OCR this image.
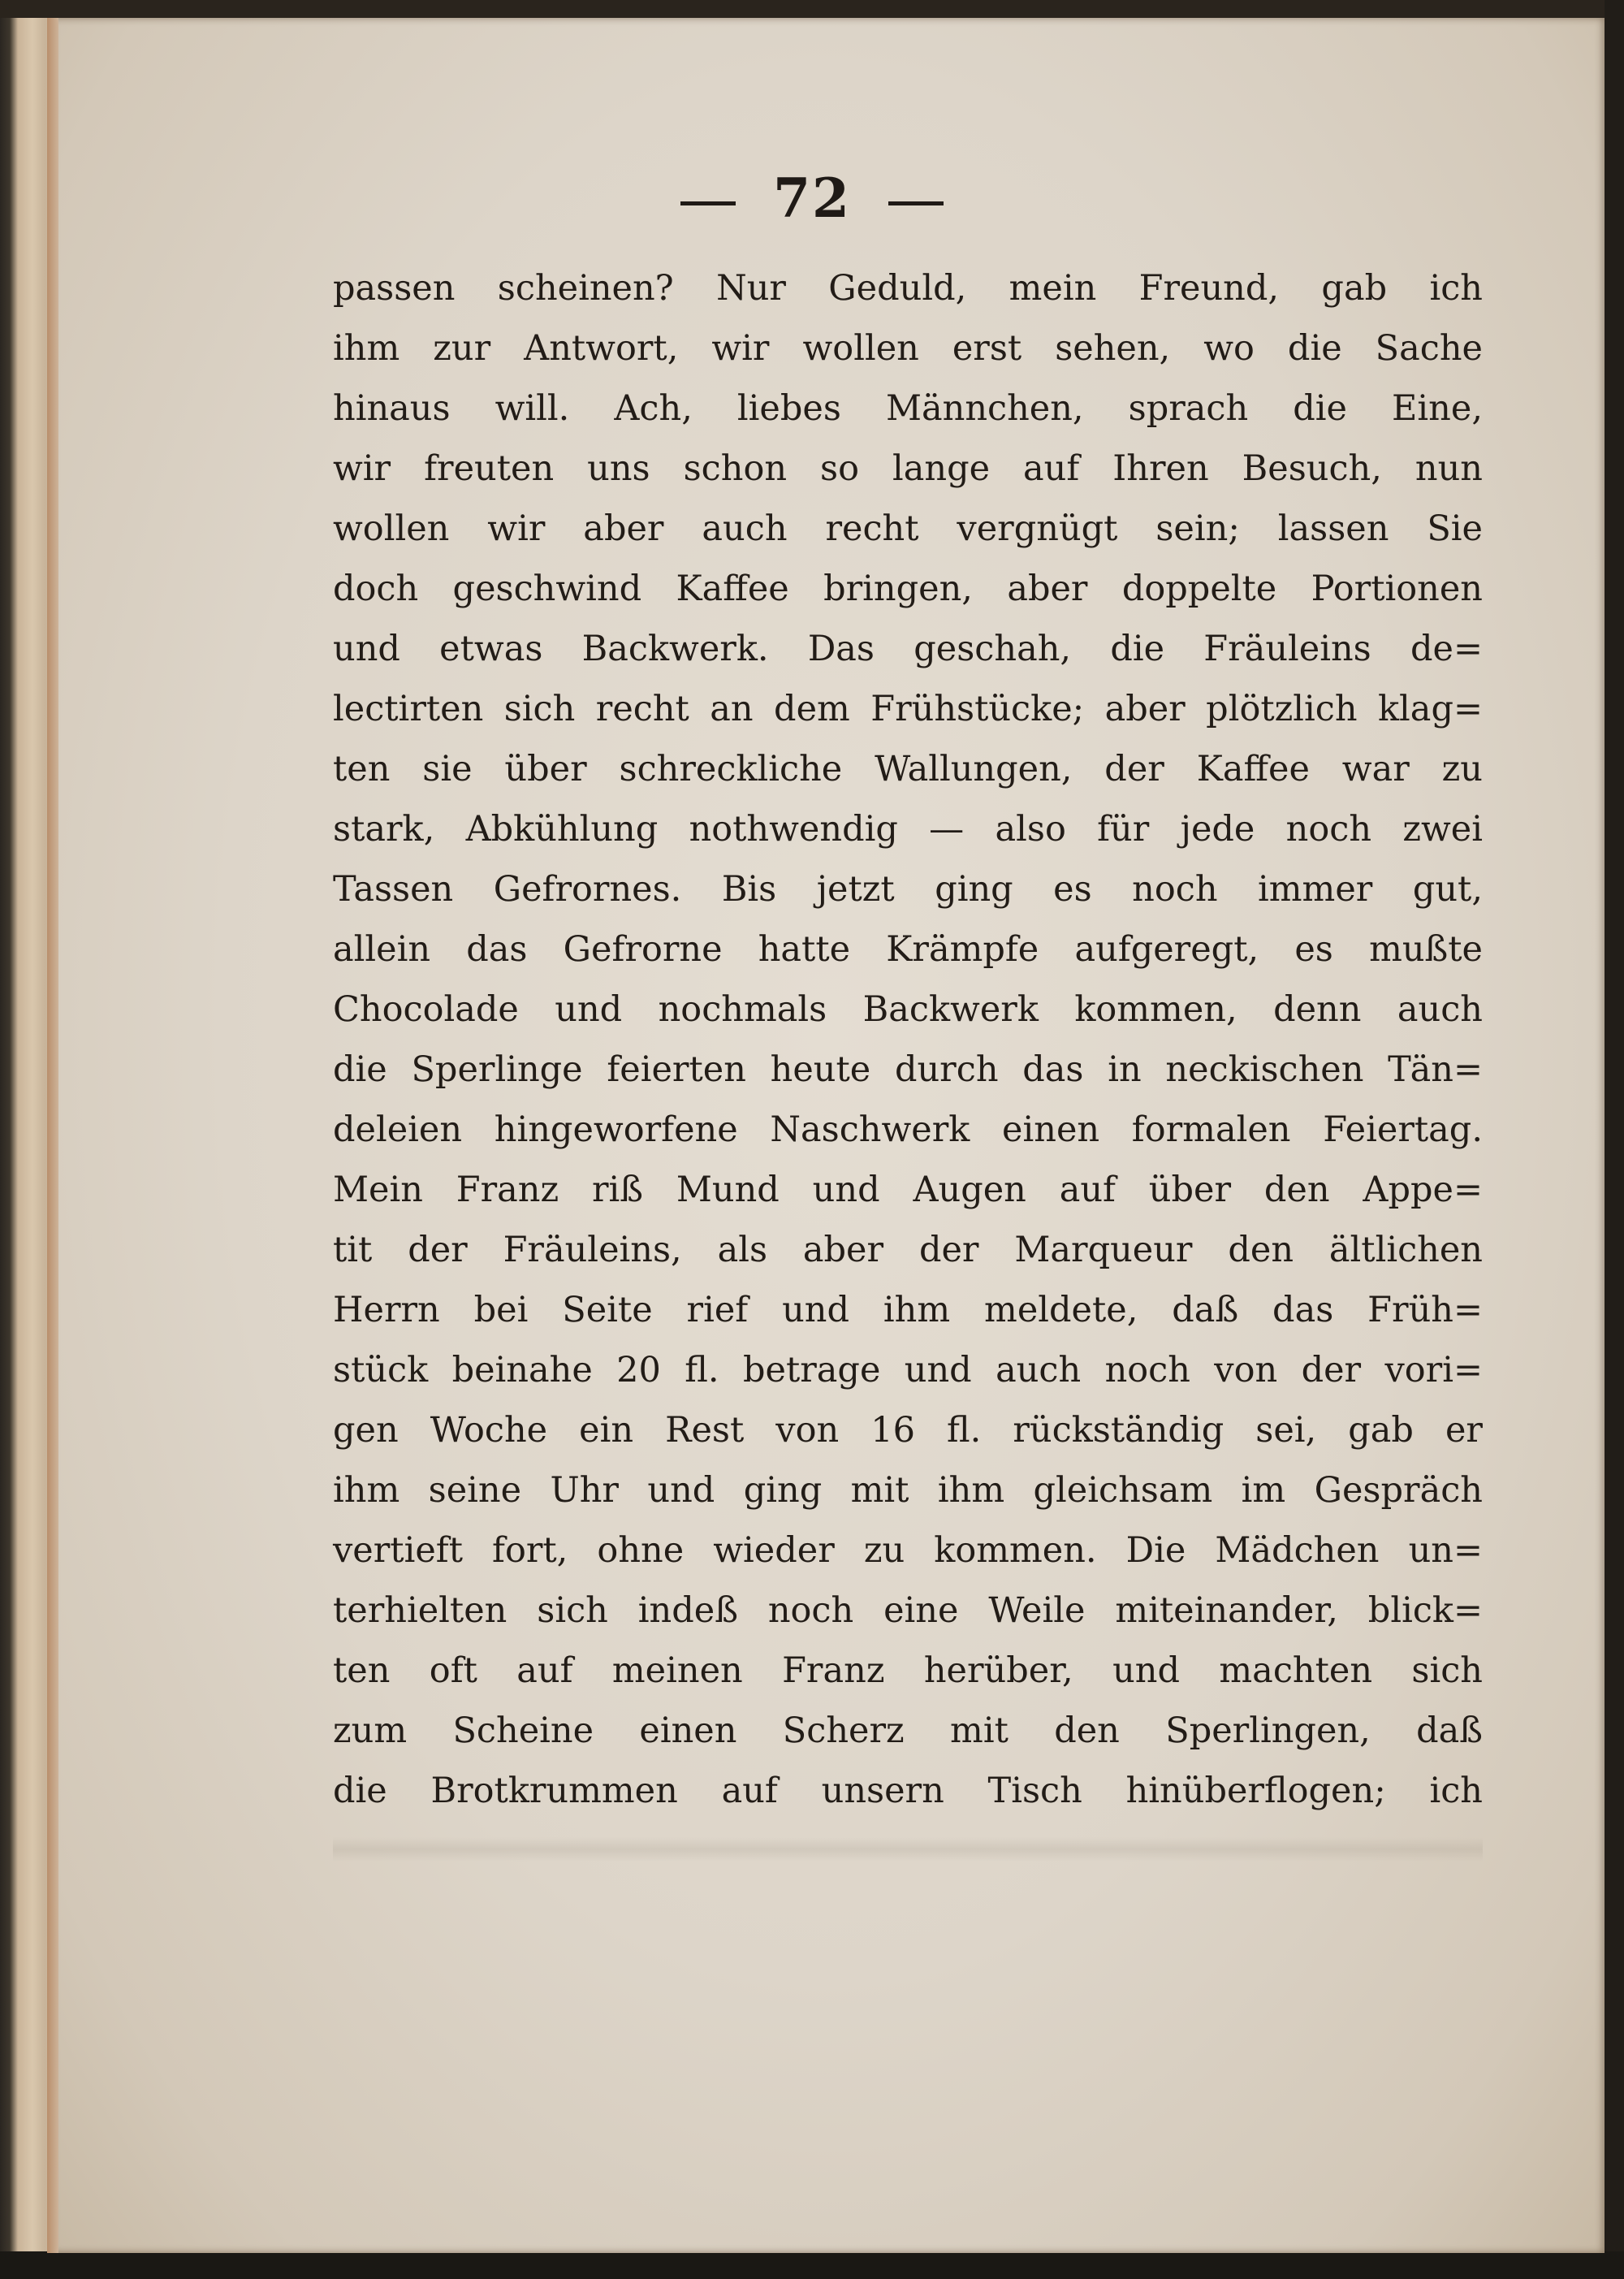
72
passen scheinen? Nur Geduld, mein Freund, gab ich
ihm zur Antwort, wir wollen erst sehen, wo die Sache
hinaus will. Ach, liebes Männchen, sprach die Eine,
wir freuten uns schon so lange auf Ihren Besuch, nun
wollen wir aber auch recht vergnügt sein; lassen Sie
doch geschwind Kaffee bringen, aber doppelte Portionen
und etwas Backwerk. Das geschah, die Fräuleins de=
lectirten sich recht an dem Frühstücke; aber plötzlich klag=
ten sie über schreckliche Wallungen, der Kaffee war zu
stark, Abkühlung nothwendig — also für jede noch zwei
Tassen Gefrornes. Bis jetzt ging es noch immer gut,
allein das Gefrorne hatte Krämpfe aufgeregt, es mußte
Chocolade und nochmals Backwerk kommen, denn auch
die Sperlinge feierten heute durch das in neckischen Tän=
deleien hingeworfene Naschwerk einen formalen Feiertag.
Mein Franz riß Mund und Augen auf über den Appe=
tit der Fräuleins, als aber der Marqueur den ältlichen
Herrn bei Seite rief und ihm meldete, daß das Früh=
stück beinahe 20 fl. betrage und auch noch von der vori=
gen Woche ein Rest von 16 fl. rückständig sei, gab er
ihm seine Uhr und ging mit ihm gleichsam im Gespräch
vertieft fort, ohne wieder zu kommen. Die Mädchen un=
terhielten sich indeß noch eine Weile miteinander, blick=
ten oft auf meinen Franz herüber, und machten sich
zum Scheine einen Scherz mit den Sperlingen, daß
die Brotkrummen auf unsern Tisch hinüberflogen; ich
